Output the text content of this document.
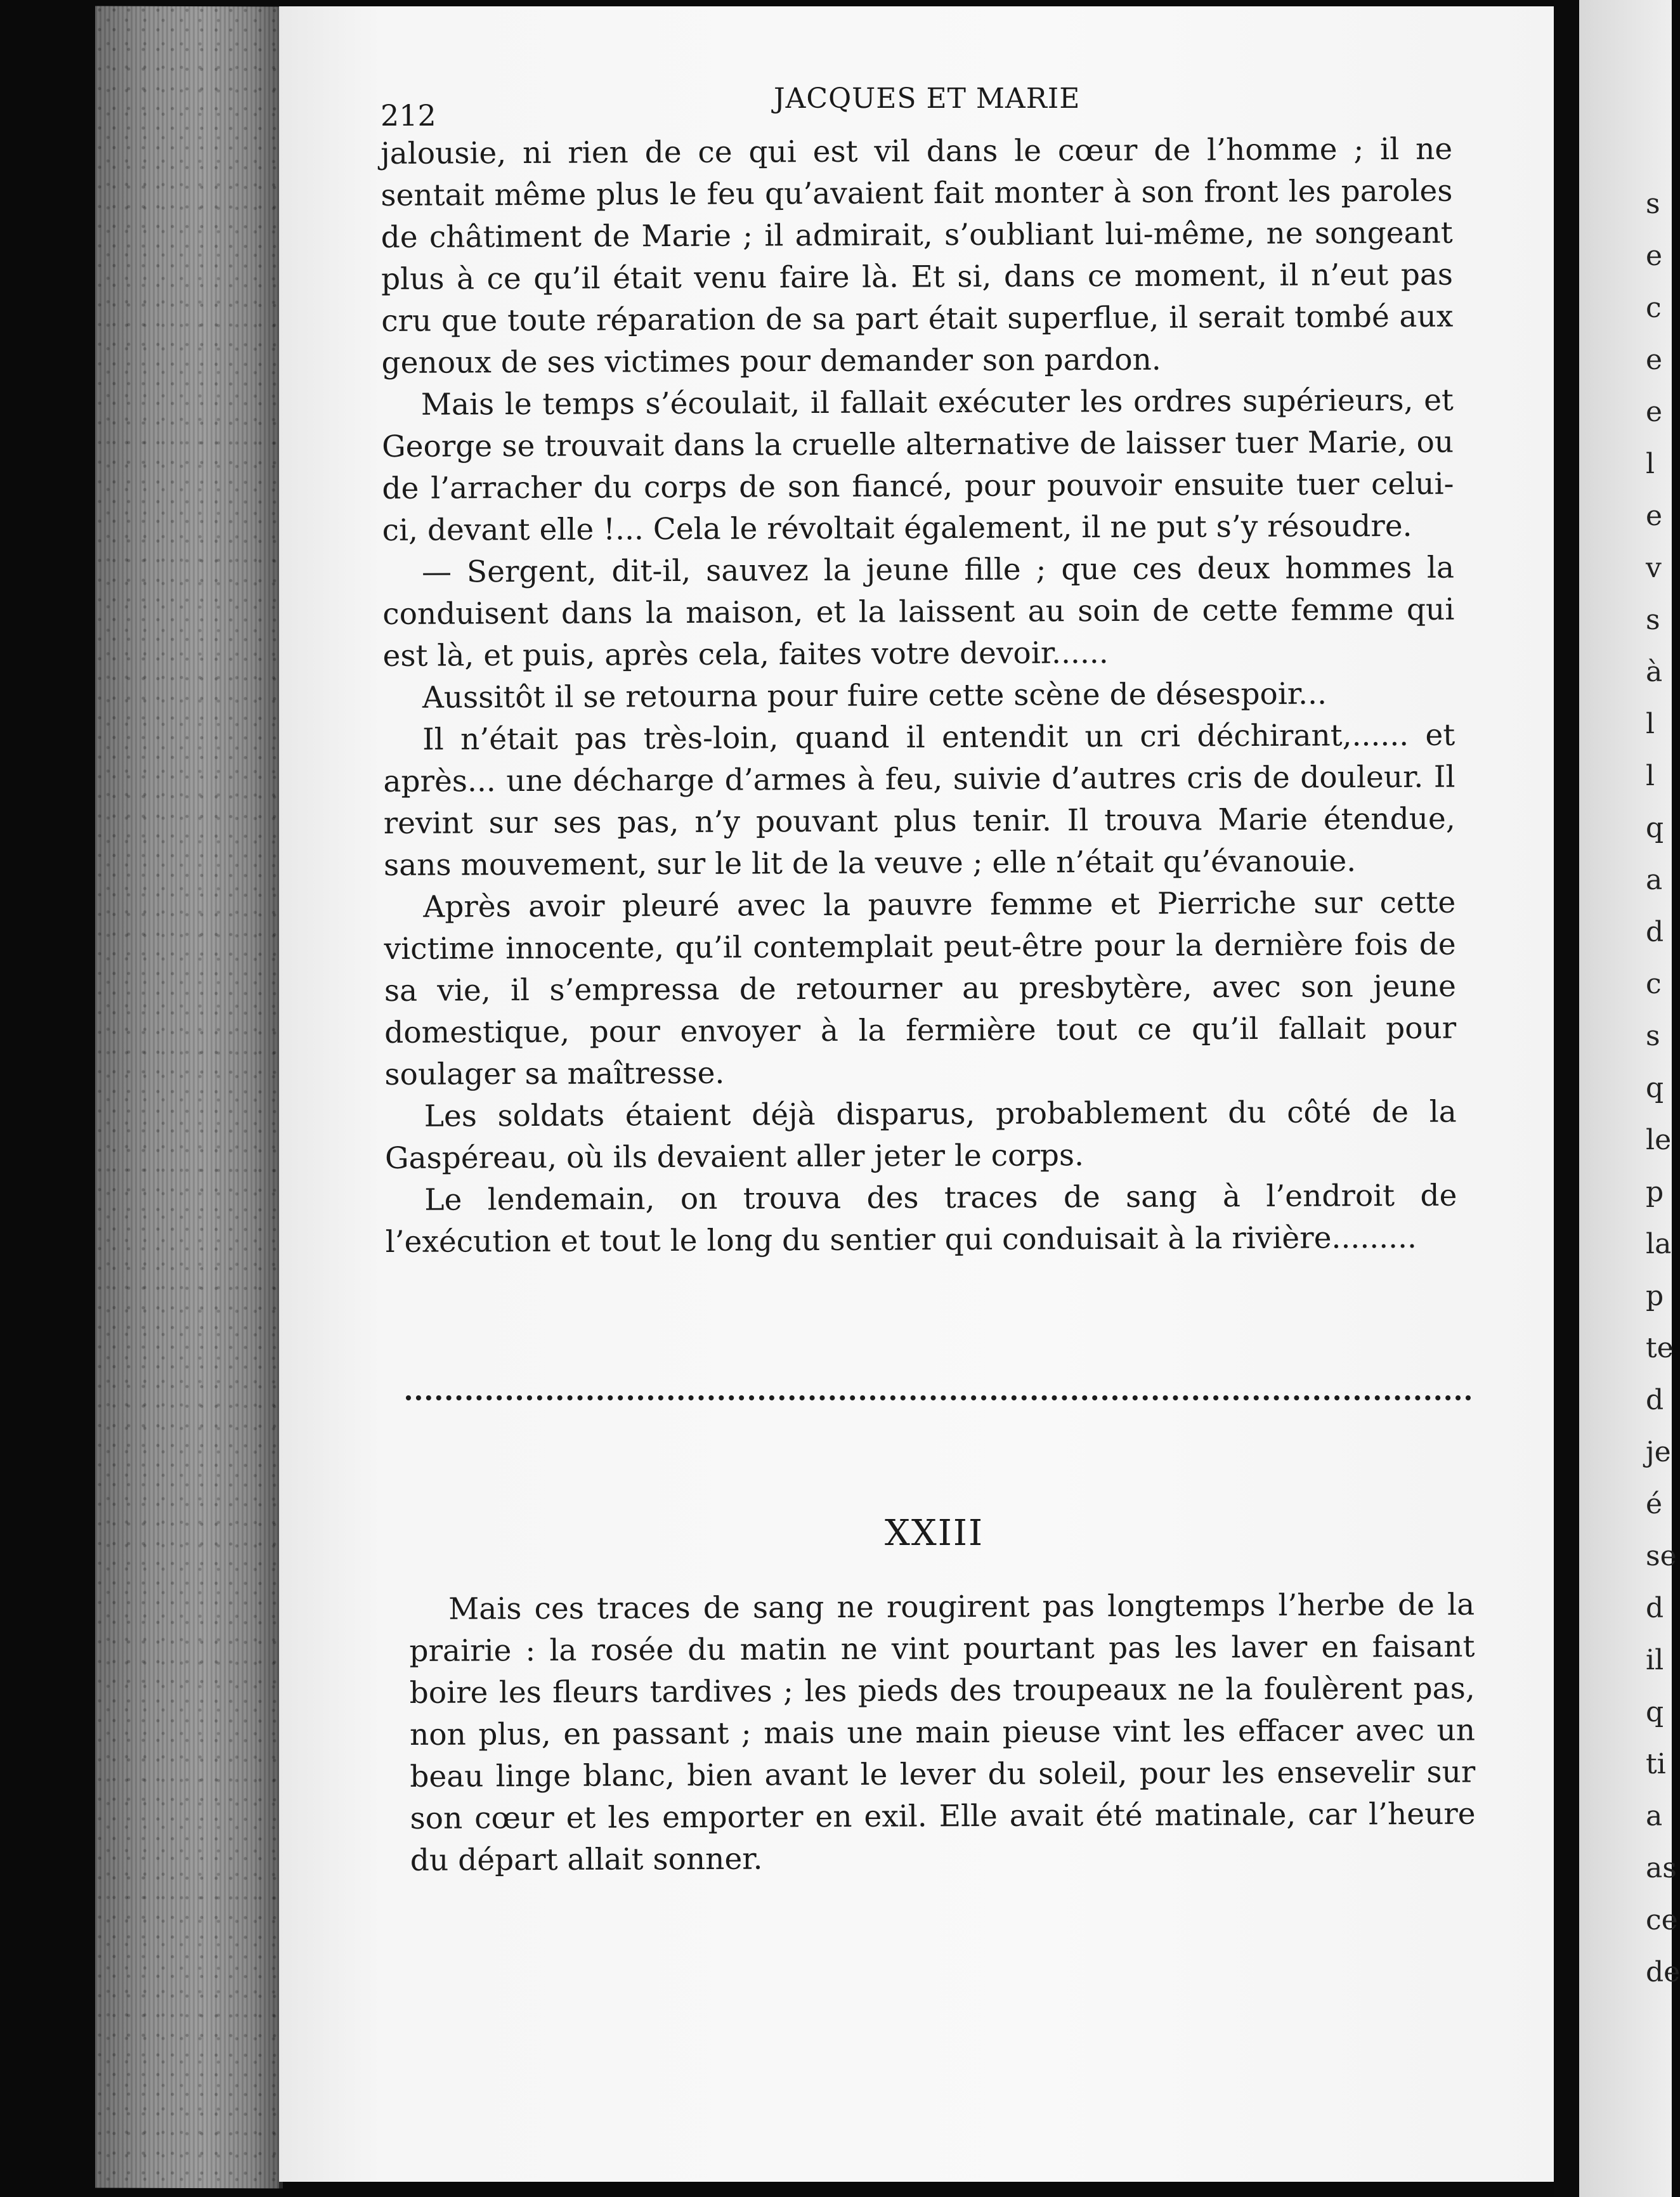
s
e
c
e
e
l
e
v
s
à
l
l
q
a
d
c
s
q
le
p
la
p
te
d
je
é
se
d
il
q
ti
a
as
ce
de
212	JACQUES ET MARIE

jalousie, ni rien de ce qui est vil dans le cœur de l’homme ; il ne sentait même plus le feu qu’avaient fait monter à son front les paroles de châtiment de Marie ; il admirait, s’oubliant lui-même, ne songeant plus à ce qu’il était venu faire là. Et si, dans ce moment, il n’eut pas cru que toute réparation de sa part était superflue, il serait tombé aux genoux de ses victimes pour demander son pardon.

Mais le temps s’écoulait, il fallait exécuter les ordres supérieurs, et George se trouvait dans la cruelle alternative de laisser tuer Marie, ou de l’arracher du corps de son fiancé, pour pouvoir ensuite tuer celui-ci, devant elle !... Cela le révoltait également, il ne put s’y résoudre.

— Sergent, dit-il, sauvez la jeune fille ; que ces deux hommes la conduisent dans la maison, et la laissent au soin de cette femme qui est là, et puis, après cela, faites votre devoir......

Aussitôt il se retourna pour fuire cette scène de désespoir...

Il n’était pas très-loin, quand il entendit un cri déchirant,...... et après... une décharge d’armes à feu, suivie d’autres cris de douleur. Il revint sur ses pas, n’y pouvant plus tenir. Il trouva Marie étendue, sans mouvement, sur le lit de la veuve ; elle n’était qu’évanouie.

Après avoir pleuré avec la pauvre femme et Pierriche sur cette victime innocente, qu’il contemplait peut-être pour la dernière fois de sa vie, il s’empressa de retourner au presbytère, avec son jeune domestique, pour envoyer à la fermière tout ce qu’il fallait pour soulager sa maîtresse.

Les soldats étaient déjà disparus, probablement du côté de la Gaspéreau, où ils devaient aller jeter le corps.

Le lendemain, on trouva des traces de sang à l’endroit de l’exécution et tout le long du sentier qui conduisait à la rivière.........

XXIII

Mais ces traces de sang ne rougirent pas longtemps l’herbe de la prairie : la rosée du matin ne vint pourtant pas les laver en faisant boire les fleurs tardives ; les pieds des troupeaux ne la foulèrent pas, non plus, en passant ; mais une main pieuse vint les effacer avec un beau linge blanc, bien avant le lever du soleil, pour les ensevelir sur son cœur et les emporter en exil. Elle avait été matinale, car l’heure du départ allait sonner.
